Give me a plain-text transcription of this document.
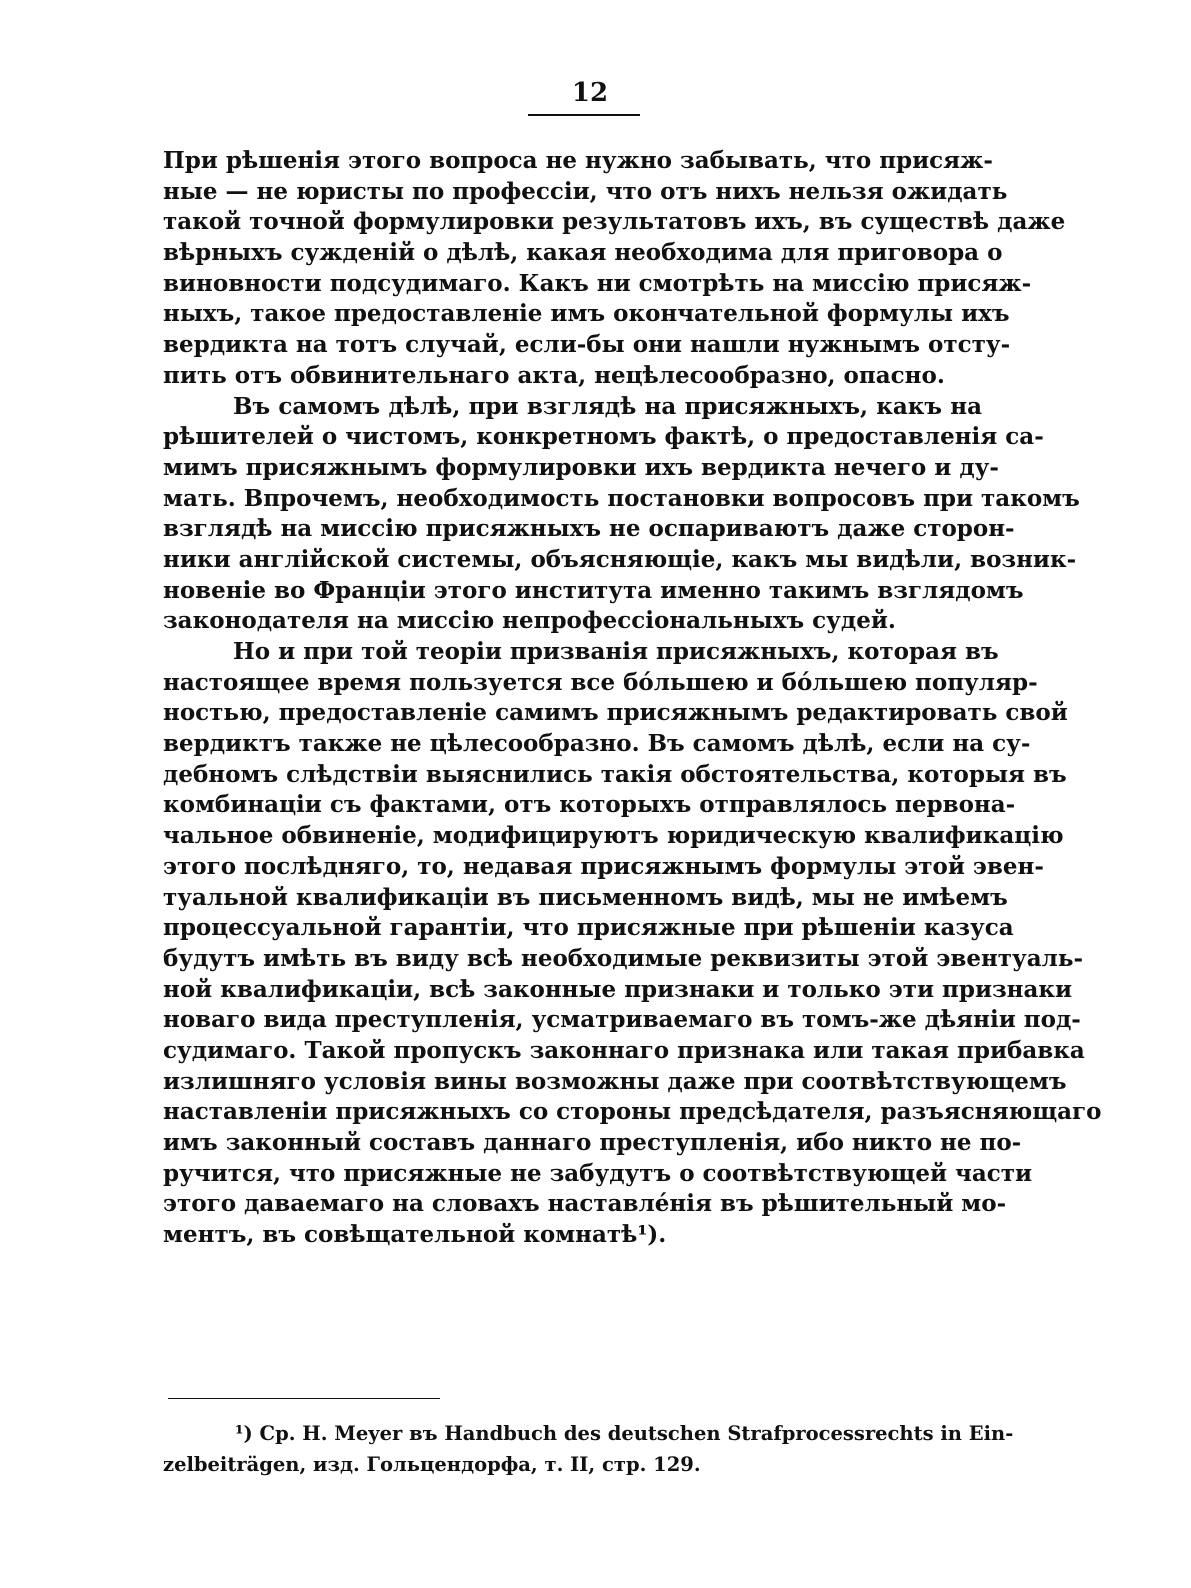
12
При рѣшенія этого вопроса не нужно забывать, что присяж-
ные — не юристы по профессіи, что отъ нихъ нельзя ожидать
такой точной формулировки результатовъ ихъ, въ существѣ даже
вѣрныхъ сужденій о дѣлѣ, какая необходима для приговора о
виновности подсудимаго. Какъ ни смотрѣть на миссію присяж-
ныхъ, такое предоставленіе имъ окончательной формулы ихъ
вердикта на тотъ случай, если-бы они нашли нужнымъ отсту-
пить отъ обвинительнаго акта, нецѣлесообразно, опасно.
Въ самомъ дѣлѣ, при взглядѣ на присяжныхъ, какъ на
рѣшителей о чистомъ, конкретномъ фактѣ, о предоставленія са-
мимъ присяжнымъ формулировки ихъ вердикта нечего и ду-
мать. Впрочемъ, необходимость постановки вопросовъ при такомъ
взглядѣ на миссію присяжныхъ не оспариваютъ даже сторон-
ники англійской системы, объясняющіе, какъ мы видѣли, возник-
новеніе во Франціи этого института именно такимъ взглядомъ
законодателя на миссію непрофессіональныхъ судей.
Но и при той теоріи призванія присяжныхъ, которая въ
настоящее время пользуется все бо́льшею и бо́льшею популяр-
ностью, предоставленіе самимъ присяжнымъ редактировать свой
вердиктъ также не цѣлесообразно. Въ самомъ дѣлѣ, если на су-
дебномъ слѣдствіи выяснились такія обстоятельства, которыя въ
комбинаціи съ фактами, отъ которыхъ отправлялось первона-
чальное обвиненіе, модифицируютъ юридическую квалификацію
этого послѣдняго, то, недавая присяжнымъ формулы этой эвен-
туальной квалификаціи въ письменномъ видѣ, мы не имѣемъ
процессуальной гарантіи, что присяжные при рѣшеніи казуса
будутъ имѣть въ виду всѣ необходимые реквизиты этой эвентуаль-
ной квалификаціи, всѣ законные признаки и только эти признаки
новаго вида преступленія, усматриваемаго въ томъ-же дѣяніи под-
судимаго. Такой пропускъ законнаго признака или такая прибавка
излишняго условія вины возможны даже при соотвѣтствующемъ
наставленіи присяжныхъ со стороны предсѣдателя, разъясняющаго
имъ законный составъ даннаго преступленія, ибо никто не по-
ручится, что присяжные не забудутъ о соотвѣтствующей части
этого даваемаго на словахъ наставле́нія въ рѣшительный мо-
ментъ, въ совѣщательной комнатѣ¹).
¹) Ср. H. Meyer въ Handbuch des deutschen Strafprocessrechts in Ein-
zelbeiträgen, изд. Гольцендорфа, т. II, стр. 129.
